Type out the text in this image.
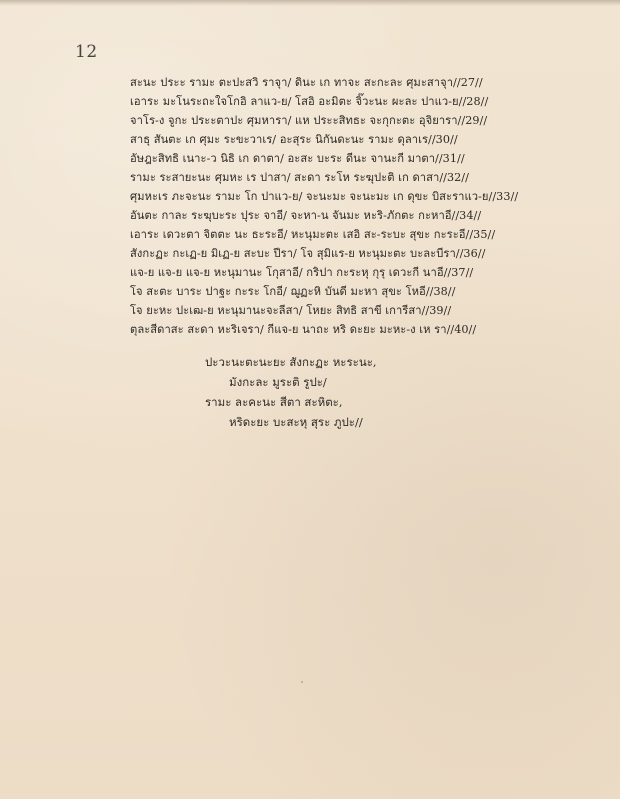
12
สะนะ ประะ รามะ ตะปะสวิ ราจุา/ ดินะ เก ทาจะ สะกะละ ศุมะสาจุา//27//
เอาระ มะโนระถะใจโกอิ ลาแว-ย/ โสอิ อะมิตะ จิ๊วะนะ ผะละ ปาแว-ย//28//
จาโร-ง จูกะ ประะตาปะ ศุมหารา/ แห ประะสิทธะ จะกุกะตะ อุจิยารา//29//
สาธุ สันตะ เก ศุมะ ระขะวาเร/ อะสุระ นิกันดะนะ รามะ ดุลาเร//30//
อัษฎะสิทธิ เนาะ-ว นิธิ เก ดาตา/ อะสะ บะระ ดีนะ จานะกี มาตา//31//
รามะ ระสายะนะ ศุมหะ เร ปาสา/ สะดา ระโห ระฆุปะติ เก ดาสา//32//
ศุมหะเร ภะจะนะ รามะ โก ปาแว-ย/ จะนะมะ จะนะมะ เก ดุขะ บิสะราแว-ย//33//
อันตะ กาละ ระฆุบะระ ปุระ จาอี/ จะหา-น จันมะ หะริ-ภักตะ กะหาอี//34//
เอาระ เดวะตา จิตตะ นะ ธะระอี/ หะนุมะตะ เสอิ สะ-ระบะ สุขะ กะระอี//35//
สังกะฏะ กะเฏ-ย มิเฏ-ย สะบะ ปีรา/ โจ สุมิแร-ย หะนุมะตะ บะละบีรา//36//
แจ-ย แจ-ย แจ-ย หะนุมานะ โกุสาอี/ กริปา กะระหุ กุรุ เดวะกี นาอี//37//
โจ สะตะ บาระ ปาฐะ กะระ โกอี/ ฌูฏะหิ บันดี มะหา สุขะ โหอี//38//
โจ ยะหะ ปะเฒ-ย หะนุมานะจะลีสา/ โหยะ สิทธิ สาขี เการีสา//39//
ตุละสีดาสะ สะดา หะริเจรา/ กีแจ-ย นาถะ หริ ดะยะ มะหะ-ง เห รา//40//
ปะวะนะตะนะยะ สังกะฏะ หะระนะ,
มังกะละ มูระติ รูปะ/
รามะ ละคะนะ สีตา สะหิตะ,
หริดะยะ บะสะหุ สุระ ภูปะ//
